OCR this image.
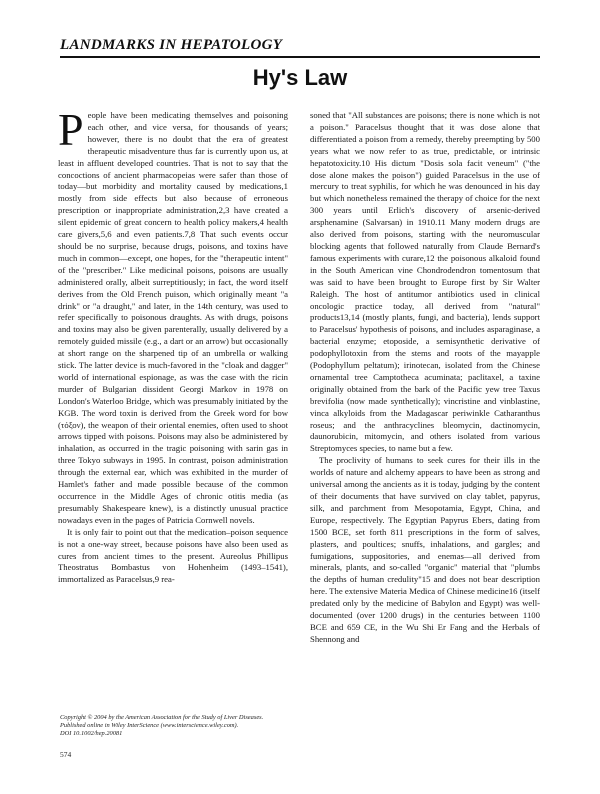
LANDMARKS IN HEPATOLOGY
Hy's Law

People have been medicating themselves and poisoning each other, and vice versa, for thousands of years; however, there is no doubt that the era of greatest therapeutic misadventure thus far is currently upon us, at least in affluent developed countries. That is not to say that the concoctions of ancient pharmacopeias were safer than those of today—but morbidity and mortality caused by medications,1 mostly from side effects but also because of erroneous prescription or inappropriate administration,2,3 have created a silent epidemic of great concern to health policy makers,4 health care givers,5,6 and even patients.7,8 That such events occur should be no surprise, because drugs, poisons, and toxins have much in common—except, one hopes, for the "therapeutic intent" of the "prescriber." Like medicinal poisons, poisons are usually administered orally, albeit surreptitiously; in fact, the word itself derives from the Old French puison, which originally meant "a drink" or "a draught," and later, in the 14th century, was used to refer specifically to poisonous draughts. As with drugs, poisons and toxins may also be given parenterally, usually delivered by a remotely guided missile (e.g., a dart or an arrow) but occasionally at short range on the sharpened tip of an umbrella or walking stick. The latter device is much-favored in the "cloak and dagger" world of international espionage, as was the case with the ricin murder of Bulgarian dissident Georgi Markov in 1978 on London's Waterloo Bridge, which was presumably initiated by the KGB. The word toxin is derived from the Greek word for bow (τόξον), the weapon of their oriental enemies, often used to shoot arrows tipped with poisons. Poisons may also be administered by inhalation, as occurred in the tragic poisoning with sarin gas in three Tokyo subways in 1995. In contrast, poison administration through the external ear, which was exhibited in the murder of Hamlet's father and made possible because of the common occurrence in the Middle Ages of chronic otitis media (as presumably Shakespeare knew), is a distinctly unusual practice nowadays even in the pages of Patricia Cornwell novels.

It is only fair to point out that the medication–poison sequence is not a one-way street, because poisons have also been used as cures from ancient times to the present. Aureolus Phillipus Theostratus Bombastus von Hohenheim (1493–1541), immortalized as Paracelsus,9 rea-

soned that "All substances are poisons; there is none which is not a poison." Paracelsus thought that it was dose alone that differentiated a poison from a remedy, thereby preempting by 500 years what we now refer to as true, predictable, or intrinsic hepatotoxicity.10 His dictum "Dosis sola facit veneum" ("the dose alone makes the poison") guided Paracelsus in the use of mercury to treat syphilis, for which he was denounced in his day but which nonetheless remained the therapy of choice for the next 300 years until Erlich's discovery of arsenic-derived arsphenamine (Salvarsan) in 1910.11 Many modern drugs are also derived from poisons, starting with the neuromuscular blocking agents that followed naturally from Claude Bernard's famous experiments with curare,12 the poisonous alkaloid found in the South American vine Chondrodendron tomentosum that was said to have been brought to Europe first by Sir Walter Raleigh. The host of antitumor antibiotics used in clinical oncologic practice today, all derived from "natural" products13,14 (mostly plants, fungi, and bacteria), lends support to Paracelsus' hypothesis of poisons, and includes asparaginase, a bacterial enzyme; etoposide, a semisynthetic derivative of podophyllotoxin from the stems and roots of the mayapple (Podophyllum peltatum); irinotecan, isolated from the Chinese ornamental tree Camptotheca acuminata; paclitaxel, a taxine originally obtained from the bark of the Pacific yew tree Taxus brevifolia (now made synthetically); vincristine and vinblastine, vinca alkyloids from the Madagascar periwinkle Catharanthus roseus; and the anthracyclines bleomycin, dactinomycin, daunorubicin, mitomycin, and others isolated from various Streptomyces species, to name but a few.

The proclivity of humans to seek cures for their ills in the worlds of nature and alchemy appears to have been as strong and universal among the ancients as it is today, judging by the content of their documents that have survived on clay tablet, papyrus, silk, and parchment from Mesopotamia, Egypt, China, and Europe, respectively. The Egyptian Papyrus Ebers, dating from 1500 BCE, set forth 811 prescriptions in the form of salves, plasters, and poultices; snuffs, inhalations, and gargles; and fumigations, suppositories, and enemas—all derived from minerals, plants, and so-called "organic" material that "plumbs the depths of human credulity"15 and does not bear description here. The extensive Materia Medica of Chinese medicine16 (itself predated only by the medicine of Babylon and Egypt) was well-documented (over 1200 drugs) in the centuries between 1100 BCE and 659 CE, in the Wu Shi Er Fang and the Herbals of Shennong and

Copyright © 2004 by the American Association for the Study of Liver Diseases.
Published online in Wiley InterScience (www.interscience.wiley.com).
DOI 10.1002/hep.20081
574
